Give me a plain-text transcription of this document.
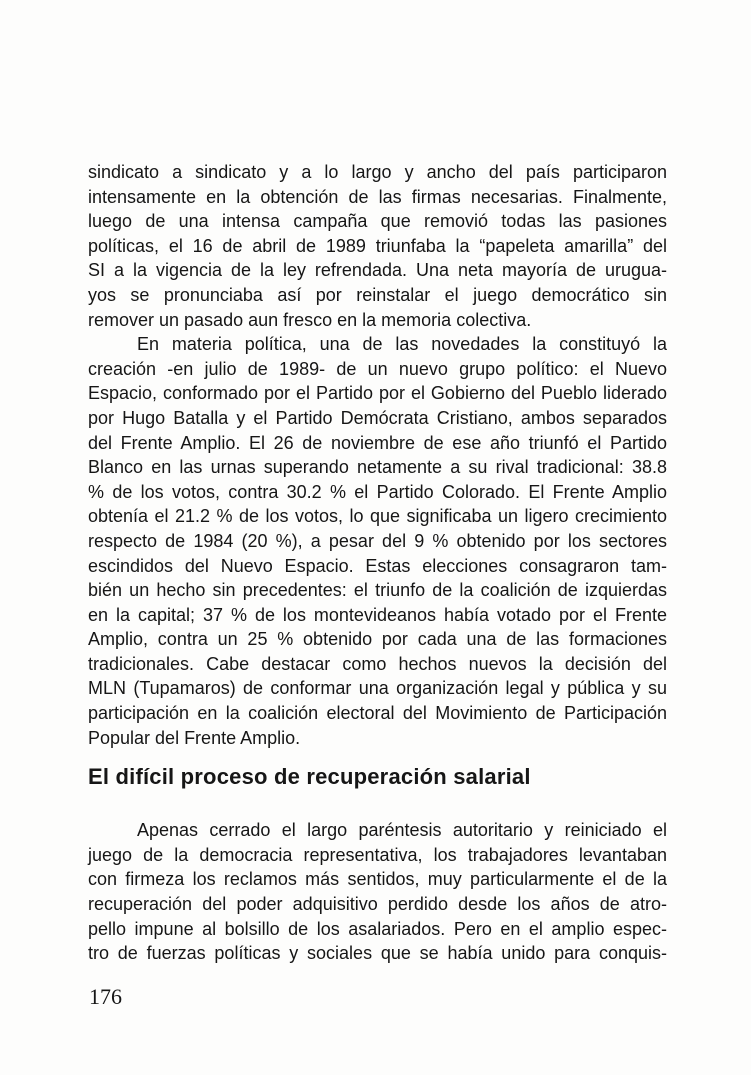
sindicato a sindicato y a lo largo y ancho del país participaron
intensamente en la obtención de las firmas necesarias. Finalmente,
luego de una intensa campaña que removió todas las pasiones
políticas, el 16 de abril de 1989 triunfaba la “papeleta amarilla” del
SI a la vigencia de la ley refrendada. Una neta mayoría de urugua-
yos se pronunciaba así por reinstalar el juego democrático sin
remover un pasado aun fresco en la memoria colectiva.
En materia política, una de las novedades la constituyó la
creación -en julio de 1989- de un nuevo grupo político: el Nuevo
Espacio, conformado por el Partido por el Gobierno del Pueblo liderado
por Hugo Batalla y el Partido Demócrata Cristiano, ambos separados
del Frente Amplio. El 26 de noviembre de ese año triunfó el Partido
Blanco en las urnas superando netamente a su rival tradicional: 38.8
% de los votos, contra 30.2 % el Partido Colorado. El Frente Amplio
obtenía el 21.2 % de los votos, lo que significaba un ligero crecimiento
respecto de 1984 (20 %), a pesar del 9 % obtenido por los sectores
escindidos del Nuevo Espacio. Estas elecciones consagraron tam-
bién un hecho sin precedentes: el triunfo de la coalición de izquierdas
en la capital; 37 % de los montevideanos había votado por el Frente
Amplio, contra un 25 % obtenido por cada una de las formaciones
tradicionales. Cabe destacar como hechos nuevos la decisión del
MLN (Tupamaros) de conformar una organización legal y pública y su
participación en la coalición electoral del Movimiento de Participación
Popular del Frente Amplio.
El difícil proceso de recuperación salarial
Apenas cerrado el largo paréntesis autoritario y reiniciado el
juego de la democracia representativa, los trabajadores levantaban
con firmeza los reclamos más sentidos, muy particularmente el de la
recuperación del poder adquisitivo perdido desde los años de atro-
pello impune al bolsillo de los asalariados. Pero en el amplio espec-
tro de fuerzas políticas y sociales que se había unido para conquis-
176
